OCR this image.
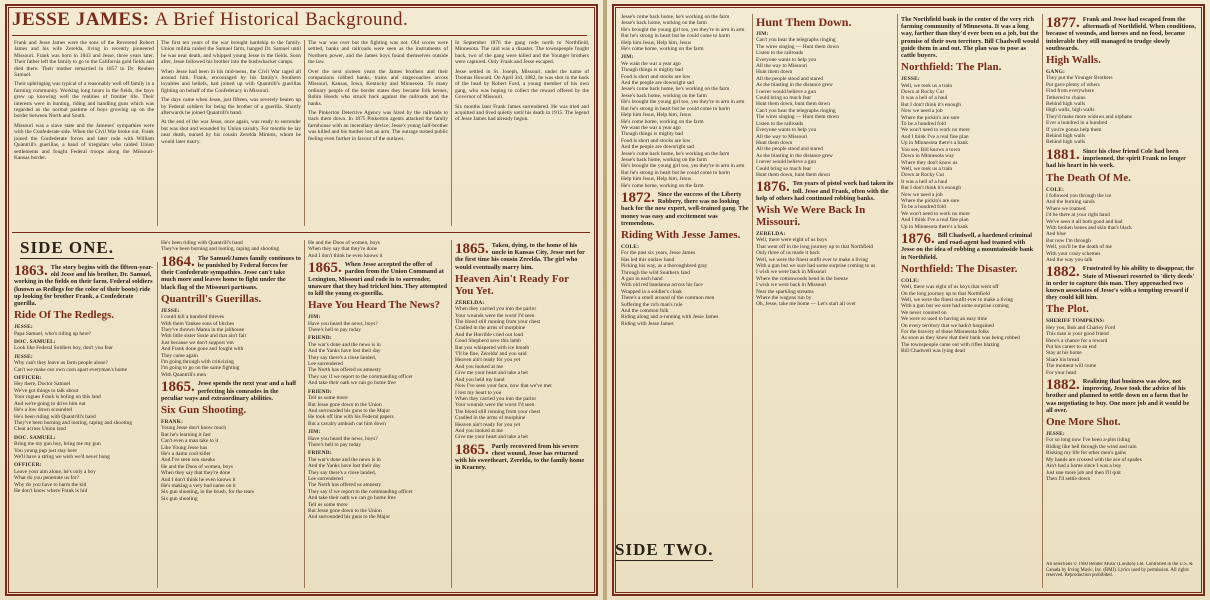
JESSE JAMES: A Brief Historical Background.

Frank and Jesse James were the sons of the Reverend Robert James and his wife Zerelda, living in recently pioneered Missouri. Frank was born in 1843 and Jesse, three years later. Their father left the family to go to the California gold fields and died there. Their mother remarried in 1857 to Dr. Reuben Samuel.

Their upbringing was typical of a reasonably well off family in a farming community. Working long hours in the fields, the boys grew up knowing well the realities of frontier life. Their interests were in hunting, riding and handling guns which was regarded as the normal pastime of boys growing up on the border between North and South.

Missouri was a slave state and the Jameses' sympathies were with the Confederate side. When the Civil War broke out, Frank joined the Confederate forces and later rode with William Quantrill's guerillas, a band of irregulars who raided Union settlements and fought Federal troops along the Missouri-Kansas border.

The first ten years of the war brought hardship to the family. Union militia raided the Samuel farm, hanged Dr. Samuel until he was near death, and whipped young Jesse in the fields. Soon after, Jesse followed his brother into the bushwhacker camps.

When Jesse had been in his mid-teens, the Civil War raged all around him. Frank, encouraged by his family's Southern loyalties and beliefs, had joined up with Quantrill's guerillas fighting on behalf of the Confederacy in Missouri.

The days came when Jesse, just fifteen, was severely beaten up by Federal soldiers for being the brother of a guerilla. Shortly afterwards he joined Quantrill's band.

At the end of the war Jesse, once again, was ready to surrender but was shot and wounded by Union cavalry. For months he lay near death, nursed by his cousin Zerelda Mimms, whom he would later marry.

The war was over but the fighting was not. Old scores were settled, banks and railroads were seen as the instruments of Northern power, and the James boys found themselves outside the law.

Over the next sixteen years the James brothers and their companions robbed banks, trains and stagecoaches across Missouri, Kansas, Iowa, Kentucky and Minnesota. To many ordinary people of the border states they became folk heroes, Robin Hoods who struck back against the railroads and the banks.

The Pinkerton Detective Agency was hired by the railroads to track them down. In 1875 Pinkerton agents attacked the family farmhouse with an incendiary device; Jesse's young half-brother was killed and his mother lost an arm. The outrage turned public feeling even further in favour of the outlaws.

In September 1876 the gang rode north to Northfield, Minnesota. The raid was a disaster. The townspeople fought back, two of the gang were killed and the Younger brothers were captured. Only Frank and Jesse escaped.

Jesse settled in St. Joseph, Missouri, under the name of Thomas Howard. On April 3rd, 1882, he was shot in the back of the head by Robert Ford, a young member of his own gang, who was hoping to collect the reward offered by the Governor of Missouri.

Six months later Frank James surrendered. He was tried and acquitted and lived quietly until his death in 1915. The legend of Jesse James had already begun.

SIDE ONE.
1863. The story begins with the fifteen-year-old Jesse and his brother, Dr. Samuel, working in the fields on their farm. Federal soldiers (known as Redlegs for the color of their boots) ride up looking for brother Frank, a Confederate guerilla.
Ride Of The Redlegs.
JESSE:
Papa Samuel, who's riding up here?
DOC. SAMUEL:
Look like Federal Soldiers boy, don't you fear
JESSE:
Why can't they leave us farm people alone?
Can't we make our own corn apart everyman's home
OFFICER:
Hey there, Doctor Samuel
We've got things to talk about
Your rogues Frank is holing on this land
And we're going to drive him out
He's a low down scoundrel
He's been riding with Quantrill's band
They've been burning and looting, raping and shooting
Clear across Union land
DOC. SAMUEL:
Bring me my gun boy, bring me my gun
You young pup just stay here
We'll have a string we wish we'd never hung
OFFICER:
Leave your aim alone, he's only a boy
What do you penetrate us for?
Why do you have to harm the kid
He don't know where Frank is hid
He's been riding with Quantrill's band
They've been burning and looting, raping and shooting
1864. The Samuel/James family continues to be punished by Federal forces for their Confederate sympathies. Jesse can't take much more and leaves home to fight under the black flag of the Missouri partisans.
Quantrill's Guerillas.
JESSE:
I could kill a hundred thieves
With them Yankee sons of bitches
They've thrown Mama in the jailhouse
With little sister Susie and that ain't fair
Just because we don't support 'em
And Frank done gone and fought with
They came again
I'm going through with criticizing
I'm going to go on the same fighting
With Quantrill's men
1865. Jesse spends the next year and a half perfecting his comrades in the peculiar ways and extraordinary abilities.
Six Gun Shooting.
FRANK:
Young Jesse don't know much
But he's learning it fast
Can't even a man take to it
Like Young Jesse has
He's a damn cool killer
And I've seen son sneaks
He and the Doos of women, boys
When they say that they're done
And I don't think he even knows it
He's making a very bad name on it
Six gun shooting, in the brush, for the tears
Six gun shooting
He and the Doos of women, boys
When they say that they're done
And I don't think he even knows it
1865. When Jesse accepted the offer of pardon from the Union Command at Lexington, Missouri and rode in to surrender, unaware that they had tricked him. They attempted to kill the young ex-guerilla.
Have You Heard The News?
JIM:
Have you heard the news, boys?
There's hell to pay today
FRIEND:
The war's done and the news is in
And the Yanks have lost their day
They say there's a close landed,
Lee surrendered
The North has offered us amnesty
They say if we report to the commanding officer
And take their oath we can go home free
FRIEND:
Tell us some more
But Jesse gone down to the Union
And surrounded his guns to the Major
He took off line with his Federal papers
But a cavalry ambush cut him down
JIM:
Have you heard the news, boys?
There's hell to pay today
FRIEND:
The war's done and the news is in
And the Yanks have lost their day
They say there's a close landed,
Lee surrendered
The North has offered us amnesty
They say if we report to the commanding officer
And take their oath we can go home free
Tell us some more
But Jesse gone down to the Union
And surrounded his guns to the Major
1865. Taken, dying, to the home of his uncle in Kansas City, Jesse met for the first time his cousin Zerelda. The girl who would eventually marry him.
Heaven Ain't Ready For You Yet.
ZERELDA:
When they carried you into the parlor
Your wounds were the worst I'd seen
The blood still running from your chest
Cradled in the arms of morphine
And the Horrible cried out loud
Good Shepherd save this lamb
But you whispered with ice breath
'I'll be fine, Zerelda' and you said
Heaven ain't ready for you yet
And you looked at me
Give me your heart and take a bet
And you held my hand
Now I've seen your face, now that we've met
I lost my heart to you
When they carried you into the parlor
Your wounds were the worst I'd seen
The blood still running from your chest
Cradled in the arms of morphine
Heaven ain't ready for you yet
And you looked at me
Give me your heart and take a bet
1865. Partly recovered from his severe chest wound, Jesse has returned with his sweetheart, Zerelda, to the family home in Kearney.
Jesse's come back home, he's working on the farm
Jesse's back home, working on the farm
He's brought the young girl too, yes they're in arm in arm
But he's strong in heart but he could come to harm
Help him Jesus, Help him, Jesus
He's come home, working on the farm
JIM:
We want the war a year ago
Though things is mighty bad
Food is short and stocks are low
And the people are downright sad
Jesse's come back home, he's working on the farm
Jesse's back home, working on the farm
He's brought the young girl too, yes they're in arm in arm
But he's strong in heart but he could come to harm
Help him Jesus, Help him, Jesus
He's come home, working on the farm
We want the war a year ago
Though things is mighty bad
Food is short and stocks are low
And the people are downright sad
Jesse's come back home, he's working on the farm
Jesse's back home, working on the farm
He's brought the young girl too, yes they're in arm in arm
But he's strong in heart but he could come to harm
Help him Jesus, Help him, Jesus
He's come home, working on the farm
1872. Since the success of the Liberty Robbery, there was no looking back for the now expert, well-trained gang. The money was easy and excitement was tremendous.
Riding With Jesse James.
COLE:
For the past six years, Jesse James
Has led this outlaw band
Picking his way, as a thoroughbred gray
Through the wild Southern land
A gun in each hand
With old red bandanna across his face
Wrapped in a soldier's cloak
There's a smell around of the common men
Suffering the rich man's rule
And the common folk
Riding along and a-running with Jesse James
Riding with Jesse James
Hunt Them Down.
JIM:
Can't you hear the telegraphs ringing
The wires singing — Hunt them down
Listen to the railroads
Everyone wants to help you
All the way to Missouri
Hunt them down
All the people stood and stared
As the blasting in the distance grew
I never would believe a gun
Could bring so much fear
Hunt them down, hunt them down
Can't you hear the telegraphs ringing
The wires singing — Hunt them down
Listen to the railroads
Everyone wants to help you
All the way to Missouri
Hunt them down
All the people stood and stared
As the blasting in the distance grew
I never would believe a gun
Could bring so much fear
Hunt them down, hunt them down
1876. Ten years of pistol work had taken its toll. Jesse and Frank, often with the help of others had continued robbing banks.
Wish We Were Back In Missouri.
ZERELDA:
Well, there were eight of us boys
That went off in the long journey up to that Northfield
Only three of us made it back
Well, we were the finest outfit ever to make a living
With a gun but we sure had some surprise coming to us
I wish we were back in Missouri
Where the cottonwoods bend in the breeze
I wish we were back in Missouri
Near the sparkling streams
Where the wagons run by
Oh, Jesse, take me home — Let's start all over
SIDE TWO.
The Northfield bank in the center of the very rich farming community of Minnesota. It was a long way, farther than they'd ever been on a job, but the promise of their own territory. Bill Chadwell would guide them in and out. The plan was to pose as cattle buyers.
Northfield: The Plan.
JESSE:
Well, we took us a train
Down at Rocky Cut
It was a hell of a haul
But I don't think it's enough
Now we need a job
Where the pickin's are sure
To be a hundred fold
We won't need to work no more
And I think I've a real fine plan
Up in Minnesota there's a bank
You see, Bill knows a town
Down in Minnesota way
Where they don't know us
Well, we took us a train
Down at Rocky Cut
It was a hell of a haul
But I don't think it's enough
Now we need a job
Where the pickin's are sure
To be a hundred fold
We won't need to work no more
And I think I've a real fine plan
Up in Minnesota there's a bank
1876. Bill Chadwell, a hardened criminal and road-agent had teamed with Jesse on the idea of robbing a mountainside bank in Northfield.
Northfield: The Disaster.
COLE:
Well, there was eight of us boys that went off
On the long journey up to that Northfield
Well, we were the finest outfit ever to make a living
With a gun but we sure had some surprise coming
We never counted on
We were so used to having an easy time
On every territory that we hadn't bargained
For the bravery of those Minnesota folks
As soon as they knew that their bank was being robbed
The townspeople came out with rifles blazing
Bill Chadwell was lying dead
1877. Frank and Jesse had escaped from the aftermath of Northfield. When conditions, because of wounds, and horses and no food, became intolerable they still managed to trudge slowly southwards.
High Walls.
GANG:
They put the Younger Brothers
Put gave plenty of others
Find from everywhere
Tethered to chains
Behind high walls
High walls, high walls
They'd make more widows and orphans
Ever a hundred in a hundred
If you're gonna help them
Behind high walls
Behind high walls
1881. Since his close friend Cole had been imprisoned, the spirit Frank no longer had his heart in his work.
The Death Of Me.
COLE:
I followed you through the ice
And the burning sands
Where we roamed
I'd be there at your right hand
We've seen it all both good and bad
With broken bones and skin that's black
And blue
But now I'm through
Well, you'll be the death of me
With your crazy schemes
And the way you talk
1882. Frustrated by his ability to disappear, the State of Missouri resorted to 'dirty deeds' in order to capture this man. They approached two known associates of Jesse's with a tempting reward if they could kill him.
The Plot.
SHERIFF TOMPKINS:
Hey you, Bob and Charley Ford
This man is your good friend
Here's a chance for a reward
Put his career to an end
Stay at his home
Share his bread
The moment will come
For your head
1882. Realizing that business was slow, not improving, Jesse took the advice of his brother and planned to settle down on a farm that he was negotiating to buy. One more job and it would be all over.
One More Shot.
JESSE:
For so long now I've been a-plot riding
Riding like hell through the wind and rain
Risking my life for other men's gains
My hands are crossed with the ace of spades
Ain't had a home since I was a boy
Just one more job and then I'll quit
Then I'll settle down
All selections © 1980 Render Music (London) Ltd. Controlled in the U.S. & Canada by Irving Music, Inc. (BMI). Lyrics used by permission. All rights reserved. Reproduction prohibited.
